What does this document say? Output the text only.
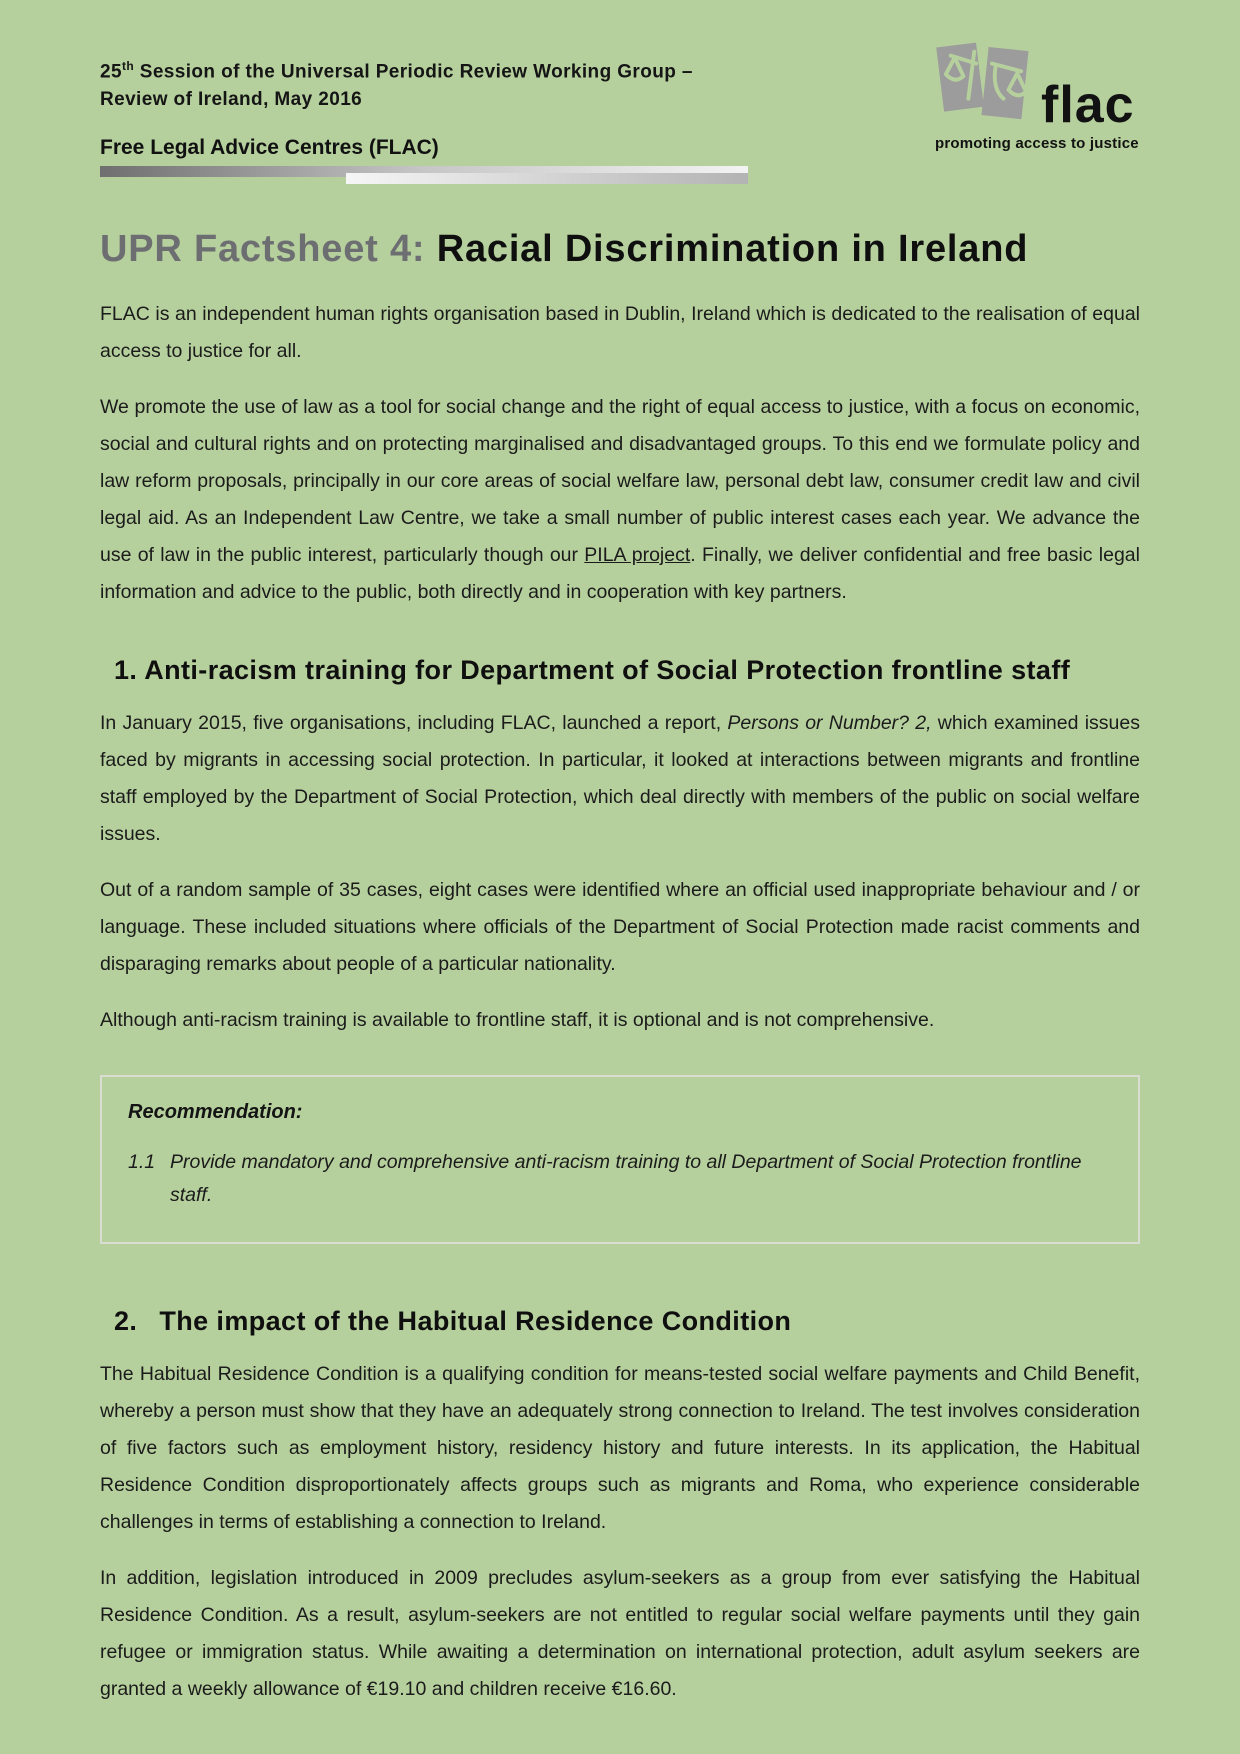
25th Session of the Universal Periodic Review Working Group –
Review of Ireland, May 2016
Free Legal Advice Centres (FLAC)
flac
promoting access to justice
UPR Factsheet 4: Racial Discrimination in Ireland

FLAC is an independent human rights organisation based in Dublin, Ireland which is dedicated to the realisation of equal access to justice for all.

We promote the use of law as a tool for social change and the right of equal access to justice, with a focus on economic, social and cultural rights and on protecting marginalised and disadvantaged groups. To this end we formulate policy and law reform proposals, principally in our core areas of social welfare law, personal debt law, consumer credit law and civil legal aid. As an Independent Law Centre, we take a small number of public interest cases each year. We advance the use of law in the public interest, particularly though our PILA project. Finally, we deliver confidential and free basic legal information and advice to the public, both directly and in cooperation with key partners.

1. Anti-racism training for Department of Social Protection frontline staff

In January 2015, five organisations, including FLAC, launched a report, Persons or Number? 2, which examined issues faced by migrants in accessing social protection. In particular, it looked at interactions between migrants and frontline staff employed by the Department of Social Protection, which deal directly with members of the public on social welfare issues.

Out of a random sample of 35 cases, eight cases were identified where an official used inappropriate behaviour and / or language. These included situations where officials of the Department of Social Protection made racist comments and disparaging remarks about people of a particular nationality.

Although anti-racism training is available to frontline staff, it is optional and is not comprehensive.

Recommendation:
1.1 Provide mandatory and comprehensive anti-racism training to all Department of Social Protection frontline staff.
2. The impact of the Habitual Residence Condition

The Habitual Residence Condition is a qualifying condition for means-tested social welfare payments and Child Benefit, whereby a person must show that they have an adequately strong connection to Ireland. The test involves consideration of five factors such as employment history, residency history and future interests. In its application, the Habitual Residence Condition disproportionately affects groups such as migrants and Roma, who experience considerable challenges in terms of establishing a connection to Ireland.

In addition, legislation introduced in 2009 precludes asylum-seekers as a group from ever satisfying the Habitual Residence Condition. As a result, asylum-seekers are not entitled to regular social welfare payments until they gain refugee or immigration status. While awaiting a determination on international protection, adult asylum seekers are granted a weekly allowance of €19.10 and children receive €16.60.
